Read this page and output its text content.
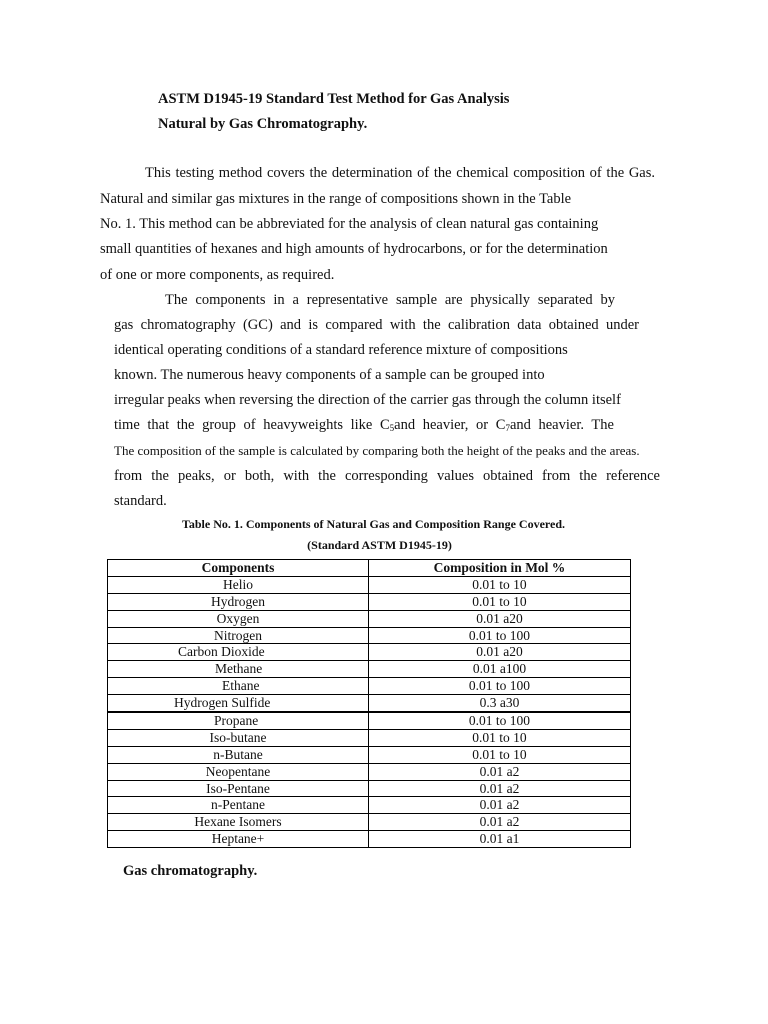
ASTM D1945-19 Standard Test Method for Gas Analysis
Natural by Gas Chromatography.
This testing method covers the determination of the chemical composition of the Gas.
Natural and similar gas mixtures in the range of compositions shown in the Table
No. 1. This method can be abbreviated for the analysis of clean natural gas containing
small quantities of hexanes and high amounts of hydrocarbons, or for the determination
of one or more components, as required.
The components in a representative sample are physically separated by
gas chromatography (GC) and is compared with the calibration data obtained under
identical operating conditions of a standard reference mixture of compositions
known. The numerous heavy components of a sample can be grouped into
irregular peaks when reversing the direction of the carrier gas through the column itself
time that the group of heavyweights like $C_5and$ heavier, or $C_7and$ heavier. The
The composition of the sample is calculated by comparing both the height of the peaks and the areas.
from the peaks, or both, with the corresponding values obtained from the reference
standard.
Table No. 1. Components of Natural Gas and Composition Range Covered.
(Standard ASTM D1945-19)
Components	Composition in Mol %
Helio	0.01 to 10
Hydrogen	0.01 to 10
Oxygen	0.01 a20
Nitrogen	0.01 to 100
Carbon Dioxide	0.01 a20
Methane	0.01 a100
Ethane	0.01 to 100
Hydrogen Sulfide	0.3 a30
Propane	0.01 to 100
Iso-butane	0.01 to 10
n-Butane	0.01 to 10
Neopentane	0.01 a2
Iso-Pentane	0.01 a2
n-Pentane	0.01 a2
Hexane Isomers	0.01 a2
Heptane+	0.01 a1
Gas chromatography.
